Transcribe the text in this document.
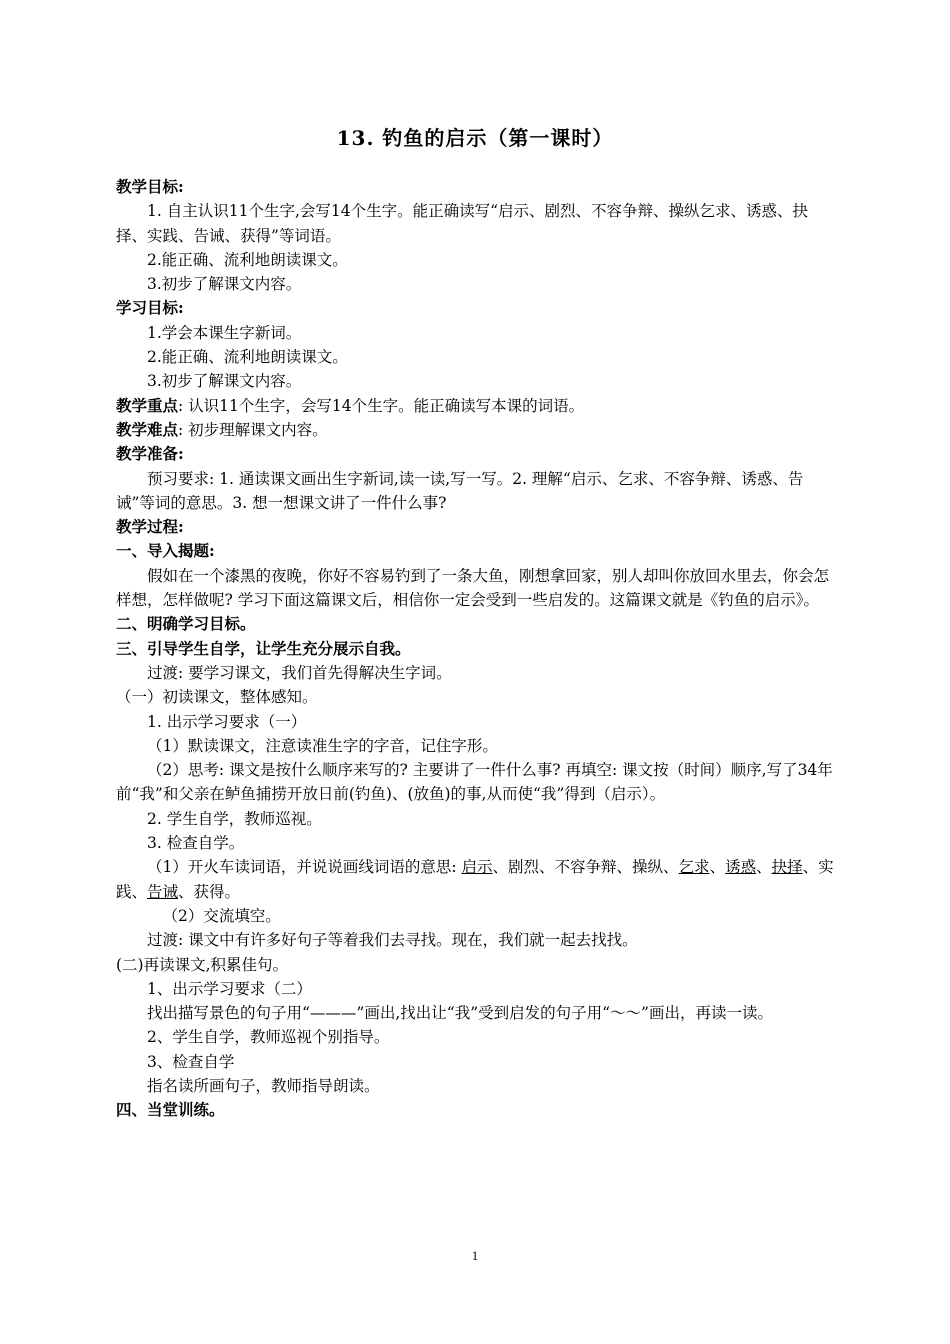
13. 钓鱼的启示（第一课时）

教学目标:

1. 自主认识11个生字,会写14个生字。能正确读写“启示、剧烈、不容争辩、操纵乞求、诱惑、抉择、实践、告诫、获得”等词语。

2.能正确、流利地朗读课文。

3.初步了解课文内容。

学习目标:

1.学会本课生字新词。

2.能正确、流利地朗读课文。

3.初步了解课文内容。

教学重点: 认识11个生字，会写14个生字。能正确读写本课的词语。

教学难点: 初步理解课文内容。

教学准备:

预习要求: 1. 通读课文画出生字新词,读一读,写一写。2. 理解“启示、乞求、不容争辩、诱惑、告诫”等词的意思。3. 想一想课文讲了一件什么事?

教学过程:

一、导入揭题:

假如在一个漆黑的夜晚，你好不容易钓到了一条大鱼，刚想拿回家，别人却叫你放回水里去，你会怎样想，怎样做呢? 学习下面这篇课文后，相信你一定会受到一些启发的。这篇课文就是《钓鱼的启示》。

二、明确学习目标。

三、引导学生自学，让学生充分展示自我。

过渡: 要学习课文，我们首先得解决生字词。

（一）初读课文，整体感知。

1. 出示学习要求（一）

（1）默读课文，注意读准生字的字音，记住字形。

（2）思考: 课文是按什么顺序来写的? 主要讲了一件什么事? 再填空: 课文按（时间）顺序,写了34年前“我”和父亲在鲈鱼捕捞开放日前(钓鱼)、(放鱼)的事,从而使“我”得到（启示）。

2. 学生自学，教师巡视。

3. 检查自学。

（1）开火车读词语，并说说画线词语的意思: 启示、剧烈、不容争辩、操纵、乞求、诱惑、抉择、实践、告诫、获得。

（2）交流填空。

过渡: 课文中有许多好句子等着我们去寻找。现在，我们就一起去找找。

(二)再读课文,积累佳句。

1、出示学习要求（二）

找出描写景色的句子用“———”画出,找出让“我”受到启发的句子用“～～”画出，再读一读。

2、学生自学，教师巡视个别指导。

3、检查自学

指名读所画句子，教师指导朗读。

四、当堂训练。

1
